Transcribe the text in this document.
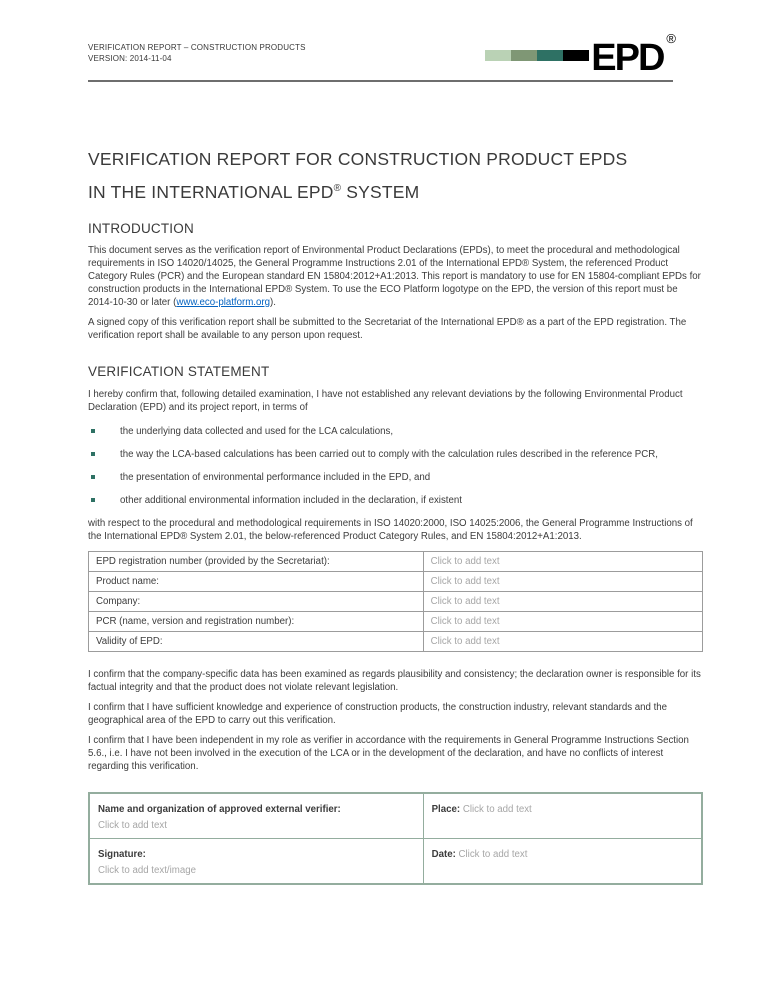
VERIFICATION REPORT – CONSTRUCTION PRODUCTS
VERSION: 2014-11-04	EPD ®
VERIFICATION REPORT FOR CONSTRUCTION PRODUCT EPDS
IN THE INTERNATIONAL EPD® SYSTEM
INTRODUCTION

This document serves as the verification report of Environmental Product Declarations (EPDs), to meet the procedural and methodological requirements in ISO 14020/14025, the General Programme Instructions 2.01 of the International EPD® System, the referenced Product Category Rules (PCR) and the European standard EN 15804:2012+A1:2013. This report is mandatory to use for EN 15804-compliant EPDs for construction products in the International EPD® System. To use the ECO Platform logotype on the EPD, the version of this report must be 2014-10-30 or later (www.eco-platform.org).

A signed copy of this verification report shall be submitted to the Secretariat of the International EPD® as a part of the EPD registration. The verification report shall be available to any person upon request.

VERIFICATION STATEMENT

I hereby confirm that, following detailed examination, I have not established any relevant deviations by the following Environmental Product Declaration (EPD) and its project report, in terms of

the underlying data collected and used for the LCA calculations,
the way the LCA-based calculations has been carried out to comply with the calculation rules described in the reference PCR,
the presentation of environmental performance included in the EPD, and
other additional environmental information included in the declaration, if existent

with respect to the procedural and methodological requirements in ISO 14020:2000, ISO 14025:2006, the General Programme Instructions of the International EPD® System 2.01, the below-referenced Product Category Rules, and EN 15804:2012+A1:2013.

EPD registration number (provided by the Secretariat):	Click to add text
Product name:	Click to add text
Company:	Click to add text
PCR (name, version and registration number):	Click to add text
Validity of EPD:	Click to add text

I confirm that the company-specific data has been examined as regards plausibility and consistency; the declaration owner is responsible for its factual integrity and that the product does not violate relevant legislation.

I confirm that I have sufficient knowledge and experience of construction products, the construction industry, relevant standards and the geographical area of the EPD to carry out this verification.

I confirm that I have been independent in my role as verifier in accordance with the requirements in General Programme Instructions Section 5.6., i.e. I have not been involved in the execution of the LCA or in the development of the declaration, and have no conflicts of interest regarding this verification.

Name and organization of approved external verifier:
Click to add text	Place: Click to add text

Signature:
Click to add text/image	Date: Click to add text
